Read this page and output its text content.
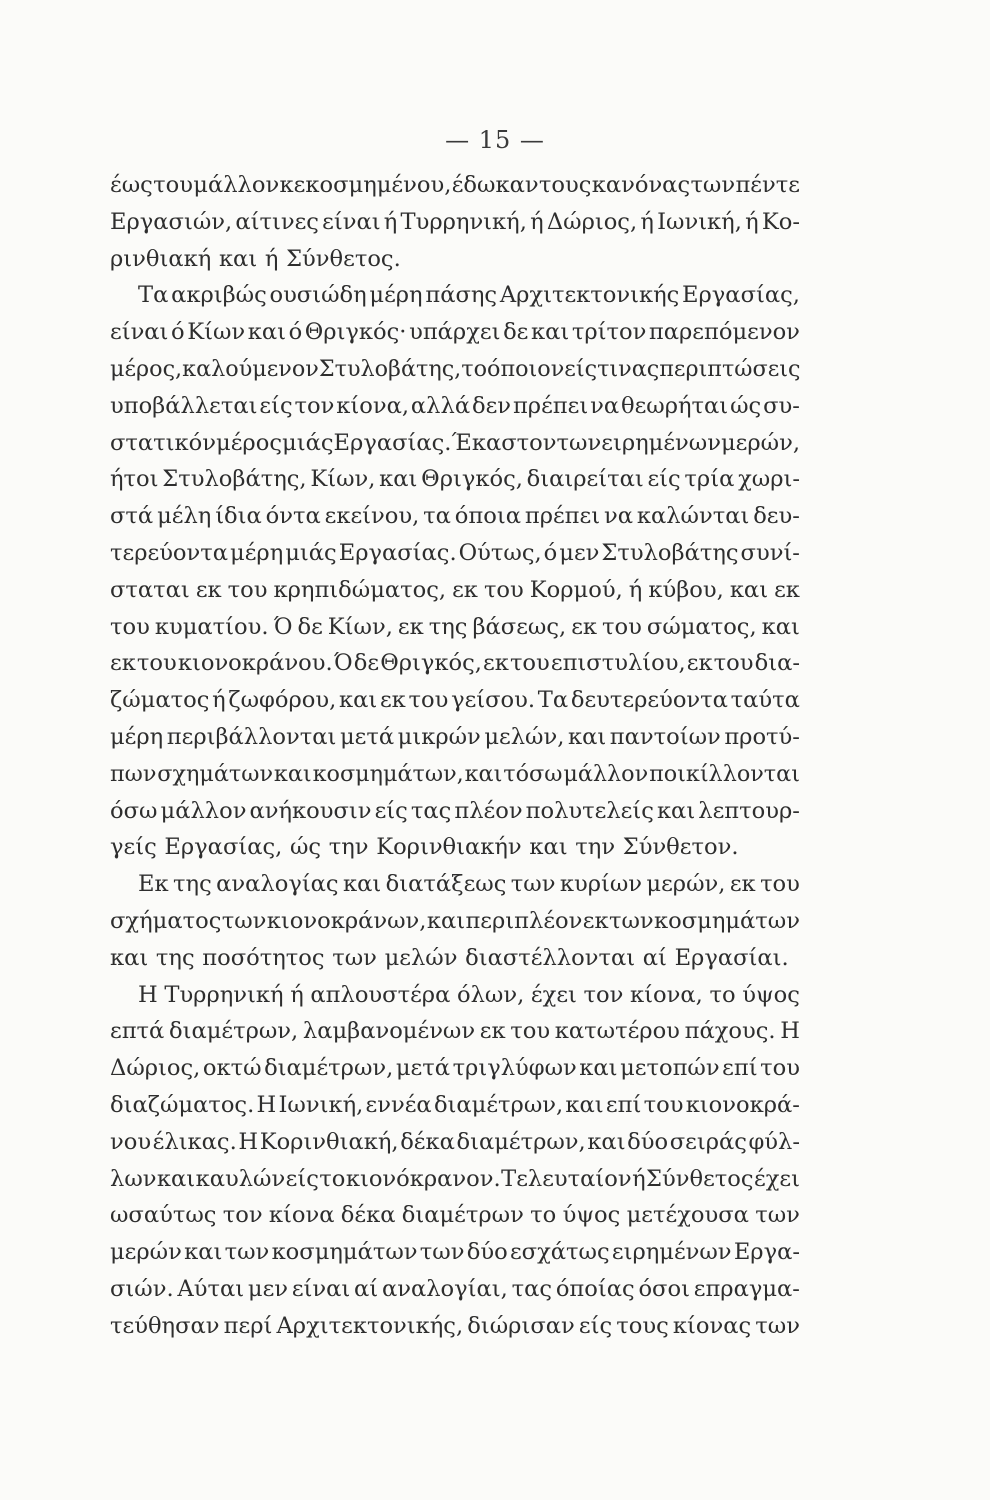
— 15 —
έως του μάλλον κεκοσμημένου, έδωκαν τους κανόνας των πέντε
Εργασιών, αίτινες είναι ή Τυρρηνική, ή Δώριος, ή Ιωνική, ή Κο-
ρινθιακή και ή Σύνθετος.
Τα ακριβώς ουσιώδη μέρη πάσης Αρχιτεκτονικής Εργασίας,
είναι ό Κίων και ό Θριγκός· υπάρχει δε και τρίτον παρεπόμενον
μέρος, καλούμενον Στυλοβάτης, το όποιον είς τινας περιπτώσεις
υποβάλλεται είς τον κίονα, αλλά δεν πρέπει να θεωρήται ώς συ-
στατικόν μέρος μιάς Εργασίας. Έκαστον των ειρημένων μερών,
ήτοι Στυλοβάτης, Κίων, και Θριγκός, διαιρείται είς τρία χωρι-
στά μέλη ίδια όντα εκείνου, τα όποια πρέπει να καλώνται δευ-
τερεύοντα μέρη μιάς Εργασίας. Ούτως, ό μεν Στυλοβάτης συνί-
σταται εκ του κρηπιδώματος, εκ του Κορμού, ή κύβου, και εκ
του κυματίου. Ό δε Κίων, εκ της βάσεως, εκ του σώματος, και
εκ του κιονοκράνου. Ό δε Θριγκός, εκ του επιστυλίου, εκ του δια-
ζώματος ή ζωφόρου, και εκ του γείσου. Τα δευτερεύοντα ταύτα
μέρη περιβάλλονται μετά μικρών μελών, και παντοίων προτύ-
πων σχημάτων και κοσμημάτων, και τόσω μάλλον ποικίλλονται
όσω μάλλον ανήκουσιν είς τας πλέον πολυτελείς και λεπτουρ-
γείς Εργασίας, ώς την Κορινθιακήν και την Σύνθετον.
Εκ της αναλογίας και διατάξεως των κυρίων μερών, εκ του
σχήματος των κιονοκράνων, και περιπλέον εκ των κοσμημάτων
και της ποσότητος των μελών διαστέλλονται αί Εργασίαι.
Η Τυρρηνική ή απλουστέρα όλων, έχει τον κίονα, το ύψος
επτά διαμέτρων, λαμβανομένων εκ του κατωτέρου πάχους. Η
Δώριος, οκτώ διαμέτρων, μετά τριγλύφων και μετοπών επί του
διαζώματος. Η Ιωνική, εννέα διαμέτρων, και επί του κιονοκρά-
νου έλικας. Η Κορινθιακή, δέκα διαμέτρων, και δύο σειράς φύλ-
λων και καυλών είς το κιονόκρανον. Τελευταίον ή Σύνθετος έχει
ωσαύτως τον κίονα δέκα διαμέτρων το ύψος μετέχουσα των
μερών και των κοσμημάτων των δύο εσχάτως ειρημένων Εργα-
σιών. Αύται μεν είναι αί αναλογίαι, τας όποίας όσοι επραγμα-
τεύθησαν περί Αρχιτεκτονικής, διώρισαν είς τους κίονας των
